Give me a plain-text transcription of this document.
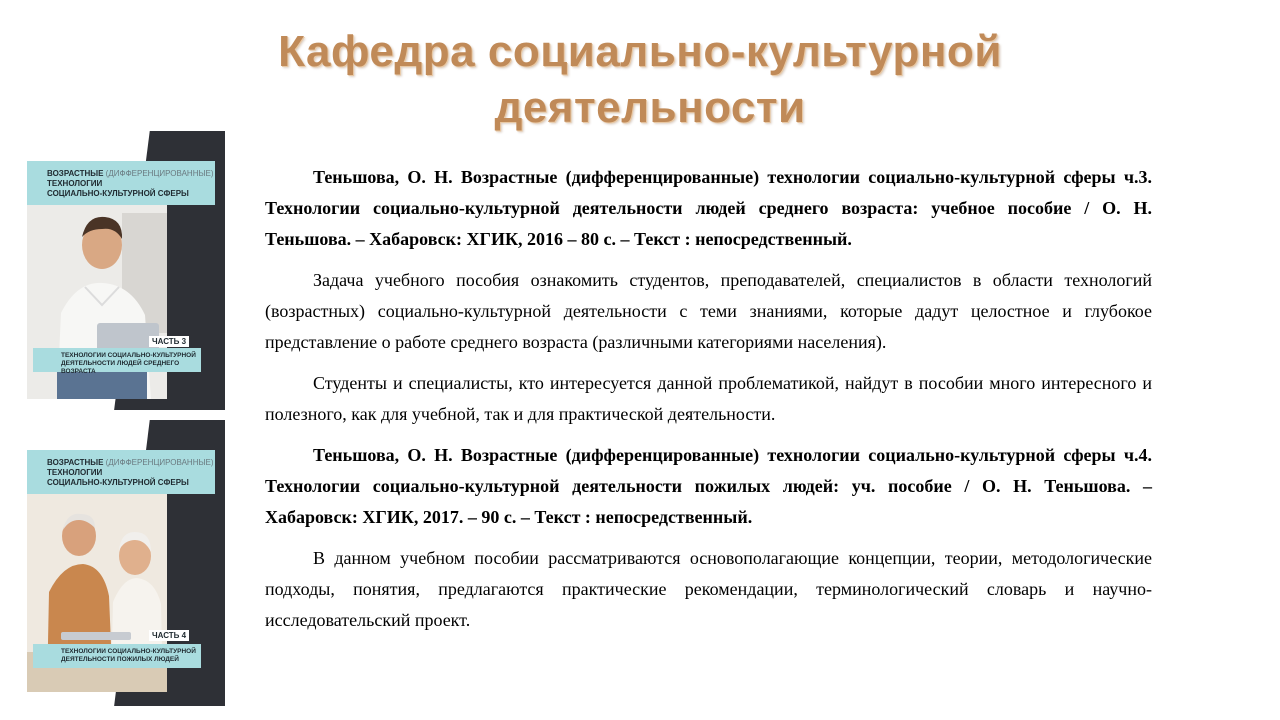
Кафедра социально-культурной
деятельности
ВОЗРАСТНЫЕ (ДИФФЕРЕНЦИРОВАННЫЕ)
ТЕХНОЛОГИИ
СОЦИАЛЬНО-КУЛЬТУРНОЙ СФЕРЫ
ЧАСТЬ 3
ТЕХНОЛОГИИ СОЦИАЛЬНО-КУЛЬТУРНОЙ
ДЕЯТЕЛЬНОСТИ ЛЮДЕЙ СРЕДНЕГО ВОЗРАСТА
ВОЗРАСТНЫЕ (ДИФФЕРЕНЦИРОВАННЫЕ)
ТЕХНОЛОГИИ
СОЦИАЛЬНО-КУЛЬТУРНОЙ СФЕРЫ
ЧАСТЬ 4
ТЕХНОЛОГИИ СОЦИАЛЬНО-КУЛЬТУРНОЙ
ДЕЯТЕЛЬНОСТИ ПОЖИЛЫХ ЛЮДЕЙ

Теньшова, О. Н. Возрастные (дифференцированные) технологии социально-культурной сферы ч.3. Технологии социально-культурной деятельности людей среднего возраста: учебное пособие / О. Н. Теньшова. – Хабаровск: ХГИК, 2016 – 80 с. – Текст : непосредственный.

Задача учебного пособия ознакомить студентов, преподавателей, специалистов в области технологий (возрастных) социально-культурной деятельности с теми знаниями, которые дадут целостное и глубокое представление о работе среднего возраста (различными категориями населения).

Студенты и специалисты, кто интересуется данной проблематикой, найдут в пособии много интересного и полезного, как для учебной, так и для практической деятельности.

Теньшова, О. Н. Возрастные (дифференцированные) технологии социально-культурной сферы ч.4. Технологии социально-культурной деятельности пожилых людей: уч. пособие / О. Н. Теньшова. – Хабаровск: ХГИК, 2017. – 90 с. – Текст : непосредственный.

В данном учебном пособии рассматриваются основополагающие концепции, теории, методологические подходы, понятия, предлагаются практические рекомендации, терминологический словарь и научно-исследовательский проект.
